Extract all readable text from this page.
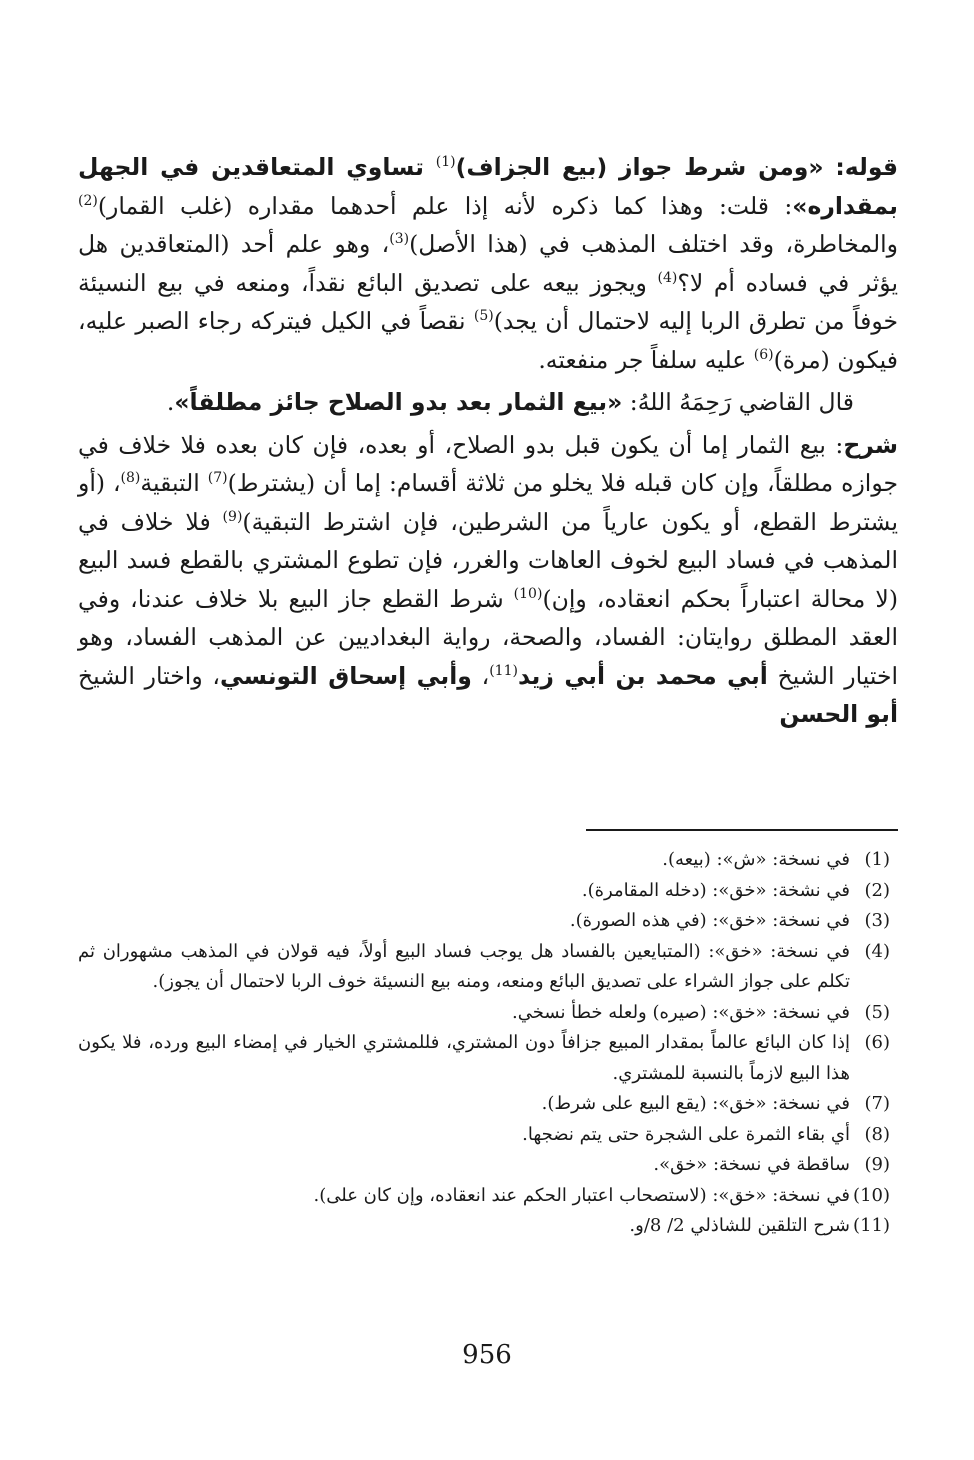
قوله: «ومن شرط جواز (بيع الجزاف)$^{(1)}$ تساوي المتعاقدين في الجهل بمقداره»: قلت: وهذا كما ذكره لأنه إذا علم أحدهما مقداره (غلب القمار)$^{(2)}$ والمخاطرة، وقد اختلف المذهب في (هذا الأصل)$^{(3)}$، وهو علم أحد (المتعاقدين هل يؤثر في فساده أم لا؟$^{(4)}$ ويجوز بيعه على تصديق البائع نقداً، ومنعه في بيع النسيئة خوفاً من تطرق الربا إليه لاحتمال أن يجد)$^{(5)}$ نقصاً في الكيل فيتركه رجاء الصبر عليه، فيكون (مرة)$^{(6)}$ عليه سلفاً جر منفعته.

قال القاضي رَحِمَهُ اللهُ: «بيع الثمار بعد بدو الصلاح جائز مطلقاً».

شرح: بيع الثمار إما أن يكون قبل بدو الصلاح، أو بعده، فإن كان بعده فلا خلاف في جوازه مطلقاً، وإن كان قبله فلا يخلو من ثلاثة أقسام: إما أن (يشترط)$^{(7)}$ التبقية$^{(8)}$، (أو يشترط القطع، أو يكون عارياً من الشرطين، فإن اشترط التبقية)$^{(9)}$ فلا خلاف في المذهب في فساد البيع لخوف العاهات والغرر، فإن تطوع المشتري بالقطع فسد البيع (لا محالة اعتباراً بحكم انعقاده، وإن)$^{(10)}$ شرط القطع جاز البيع بلا خلاف عندنا، وفي العقد المطلق روايتان: الفساد، والصحة، رواية البغداديين عن المذهب الفساد، وهو اختيار الشيخ أبي محمد بن أبي زيد$^{(11)}$، وأبي إسحاق التونسي، واختار الشيخ أبو الحسن

(1)
في نسخة: «ش»: (بيعه).
(2)
في نشخة: «خق»: (دخله المقامرة).
(3)
في نسخة: «خق»: (في هذه الصورة).
(4)
في نسخة: «خق»: (المتبايعين بالفساد هل يوجب فساد البيع أولاً، فيه قولان في المذهب مشهوران ثم تكلم على جواز الشراء على تصديق البائع ومنعه، ومنه بيع النسيئة خوف الربا لاحتمال أن يجوز).
(5)
في نسخة: «خق»: (صيره) ولعله خطأ نسخي.
(6)
إذا كان البائع عالماً بمقدار المبيع جزافاً دون المشتري، فللمشتري الخيار في إمضاء البيع ورده، فلا يكون هذا البيع لازماً بالنسبة للمشتري.
(7)
في نسخة: «خق»: (يقع البيع على شرط).
(8)
أي بقاء الثمرة على الشجرة حتى يتم نضجها.
(9)
ساقطة في نسخة: «خق».
(10)
في نسخة: «خق»: (لاستصحاب اعتبار الحكم عند انعقاده، وإن كان على).
(11)
شرح التلقين للشاذلي 2/ 8/و.
956
